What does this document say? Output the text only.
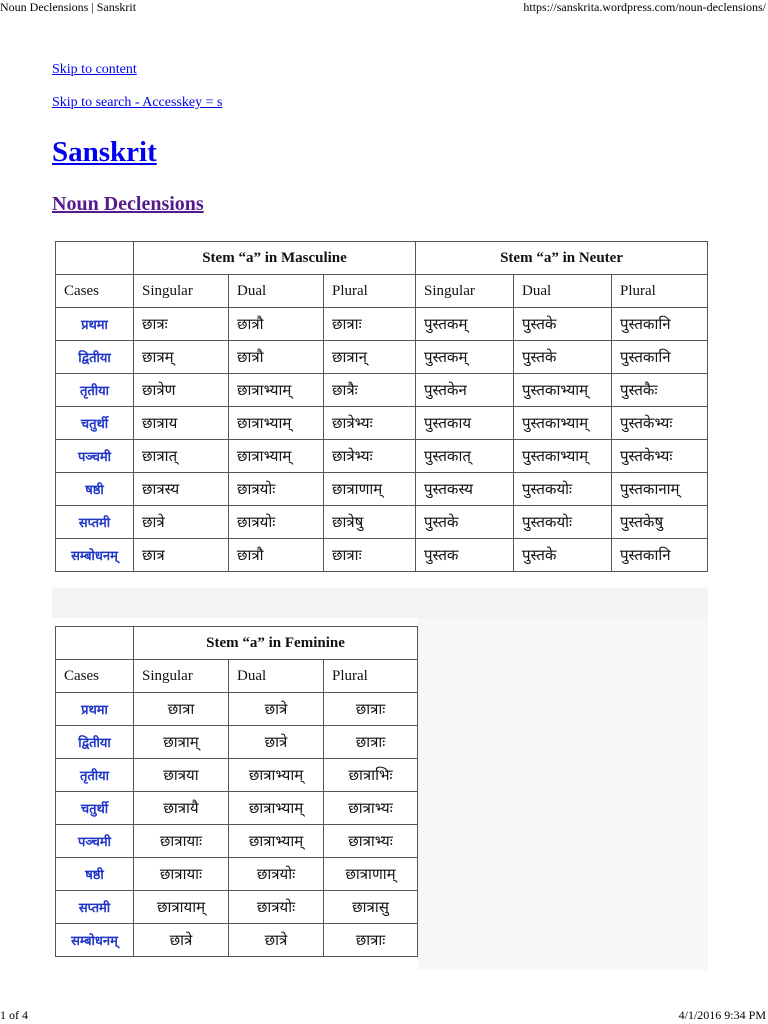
Noun Declensions | Sanskrit	https://sanskrita.wordpress.com/noun-declensions/
Skip to content
Skip to search - Accesskey = s
Sanskrit
Noun Declensions
	Stem “a” in Masculine			Stem “a” in Neuter		
Cases	Singular	Dual	Plural	Singular	Dual	Plural
प्रथमा	छात्रः	छात्रौ	छात्राः	पुस्तकम्	पुस्तके	पुस्तकानि
द्वितीया	छात्रम्	छात्रौ	छात्रान्	पुस्तकम्	पुस्तके	पुस्तकानि
तृतीया	छात्रेण	छात्राभ्याम्	छात्रैः	पुस्तकेन	पुस्तकाभ्याम्	पुस्तकैः
चतुर्थी	छात्राय	छात्राभ्याम्	छात्रेभ्यः	पुस्तकाय	पुस्तकाभ्याम्	पुस्तकेभ्यः
पञ्चमी	छात्रात्	छात्राभ्याम्	छात्रेभ्यः	पुस्तकात्	पुस्तकाभ्याम्	पुस्तकेभ्यः
षष्ठी	छात्रस्य	छात्रयोः	छात्राणाम्	पुस्तकस्य	पुस्तकयोः	पुस्तकानाम्
सप्तमी	छात्रे	छात्रयोः	छात्रेषु	पुस्तके	पुस्तकयोः	पुस्तकेषु
सम्बोधनम्	छात्र	छात्रौ	छात्राः	पुस्तक	पुस्तके	पुस्तकानि
	Stem “a” in Feminine		
Cases	Singular	Dual	Plural
प्रथमा	छात्रा	छात्रे	छात्राः
द्वितीया	छात्राम्	छात्रे	छात्राः
तृतीया	छात्रया	छात्राभ्याम्	छात्राभिः
चतुर्थी	छात्रायै	छात्राभ्याम्	छात्राभ्यः
पञ्चमी	छात्रायाः	छात्राभ्याम्	छात्राभ्यः
षष्ठी	छात्रायाः	छात्रयोः	छात्राणाम्
सप्तमी	छात्रायाम्	छात्रयोः	छात्रासु
सम्बोधनम्	छात्रे	छात्रे	छात्राः
1 of 4	4/1/2016 9:34 PM
